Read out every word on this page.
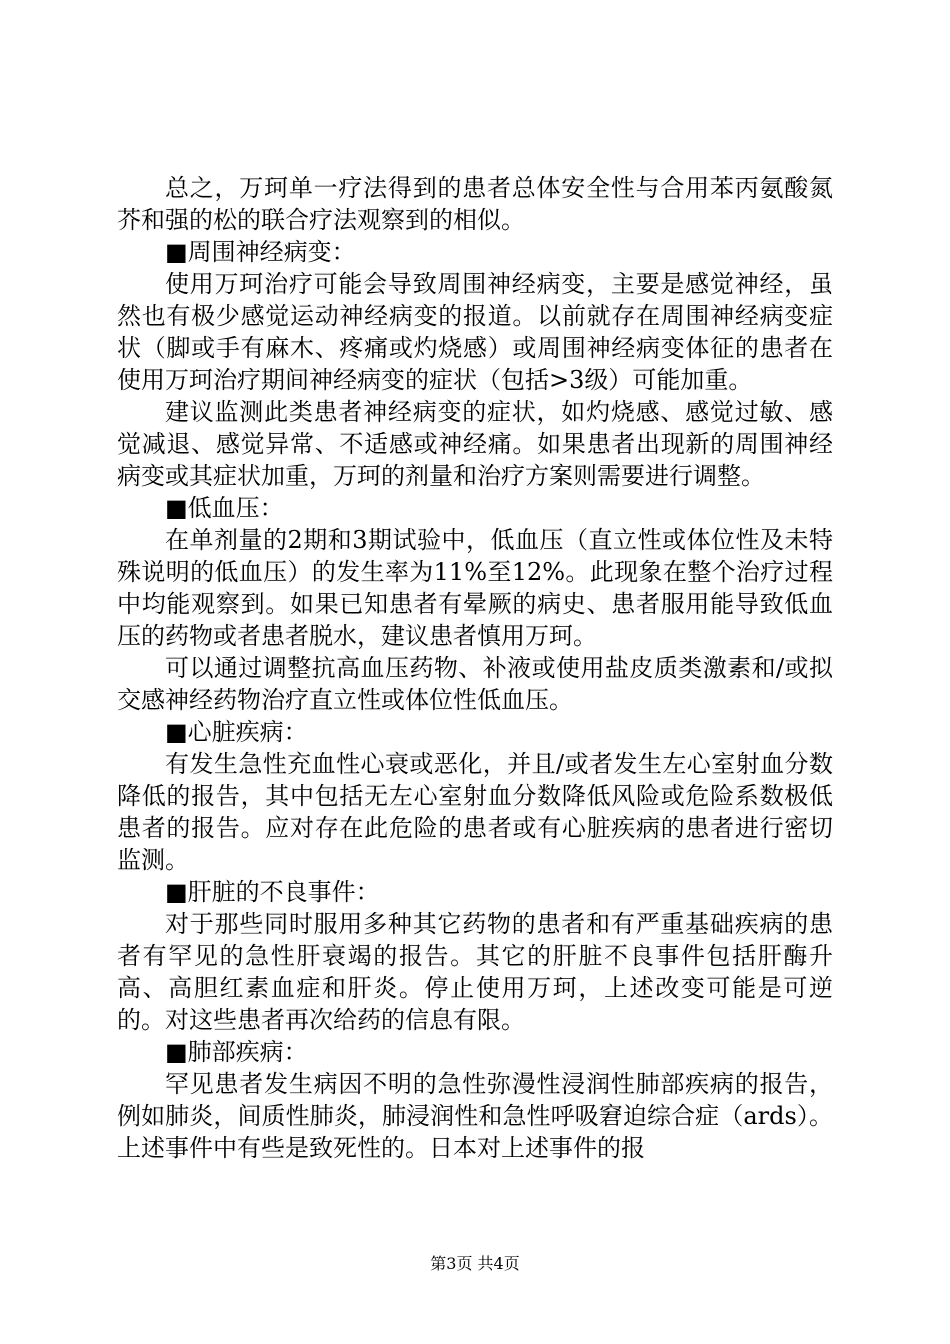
总之，万珂单一疗法得到的患者总体安全性与合用苯丙氨酸氮芥和强的松的联合疗法观察到的相似。

■周围神经病变：

使用万珂治疗可能会导致周围神经病变，主要是感觉神经，虽然也有极少感觉运动神经病变的报道。以前就存在周围神经病变症状（脚或手有麻木、疼痛或灼烧感）或周围神经病变体征的患者在使用万珂治疗期间神经病变的症状（包括>3级）可能加重。

建议监测此类患者神经病变的症状，如灼烧感、感觉过敏、感觉减退、感觉异常、不适感或神经痛。如果患者出现新的周围神经病变或其症状加重，万珂的剂量和治疗方案则需要进行调整。

■低血压：

在单剂量的2期和3期试验中，低血压（直立性或体位性及未特殊说明的低血压）的发生率为11%至12%。此现象在整个治疗过程中均能观察到。如果已知患者有晕厥的病史、患者服用能导致低血压的药物或者患者脱水，建议患者慎用万珂。

可以通过调整抗高血压药物、补液或使用盐皮质类激素和/或拟交感神经药物治疗直立性或体位性低血压。

■心脏疾病：

有发生急性充血性心衰或恶化，并且/或者发生左心室射血分数降低的报告，其中包括无左心室射血分数降低风险或危险系数极低患者的报告。应对存在此危险的患者或有心脏疾病的患者进行密切监测。

■肝脏的不良事件：

对于那些同时服用多种其它药物的患者和有严重基础疾病的患者有罕见的急性肝衰竭的报告。其它的肝脏不良事件包括肝酶升高、高胆红素血症和肝炎。停止使用万珂，上述改变可能是可逆的。对这些患者再次给药的信息有限。

■肺部疾病：

罕见患者发生病因不明的急性弥漫性浸润性肺部疾病的报告，例如肺炎，间质性肺炎，肺浸润性和急性呼吸窘迫综合症（ards）。上述事件中有些是致死性的。日本对上述事件的报

第3页 共4页
